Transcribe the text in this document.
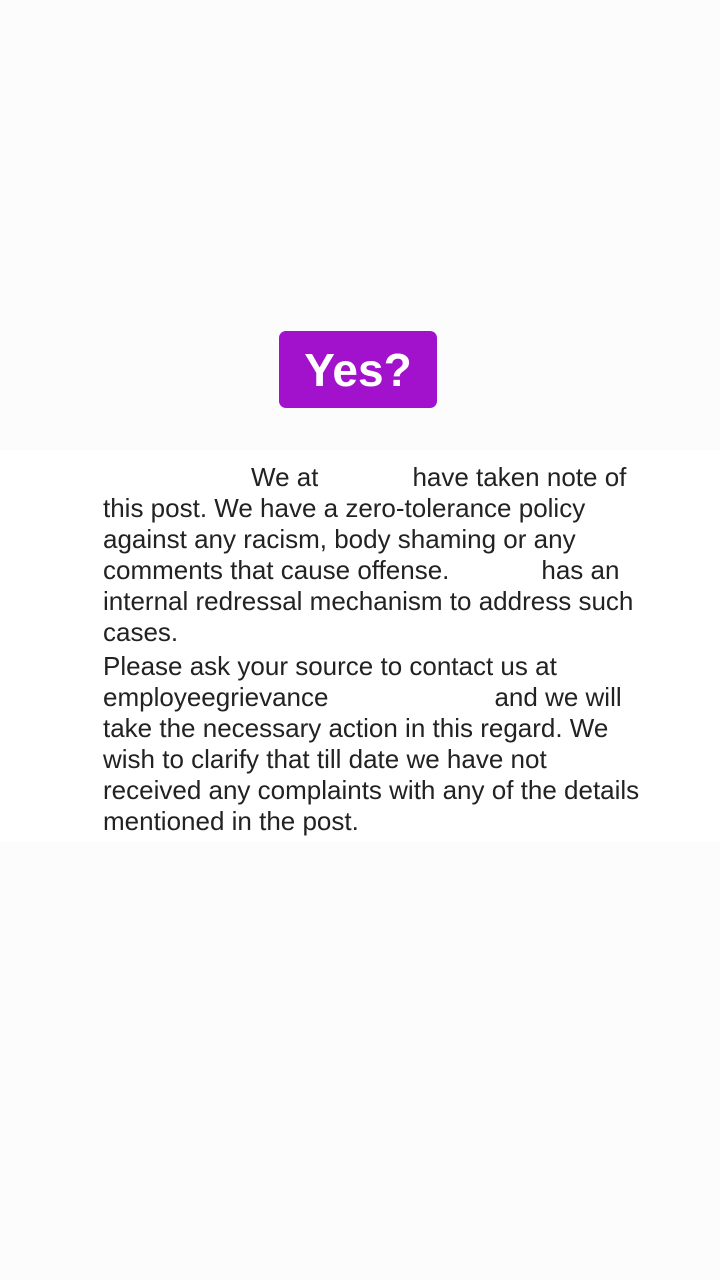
Yes?
We at	have taken note of
this post. We have a zero-tolerance policy
against any racism, body shaming or any
comments that cause offense.	has an
internal redressal mechanism to address such
cases.
Please ask your source to contact us at
employeegrievance	and we will
take the necessary action in this regard. We
wish to clarify that till date we have not
received any complaints with any of the details
mentioned in the post.
